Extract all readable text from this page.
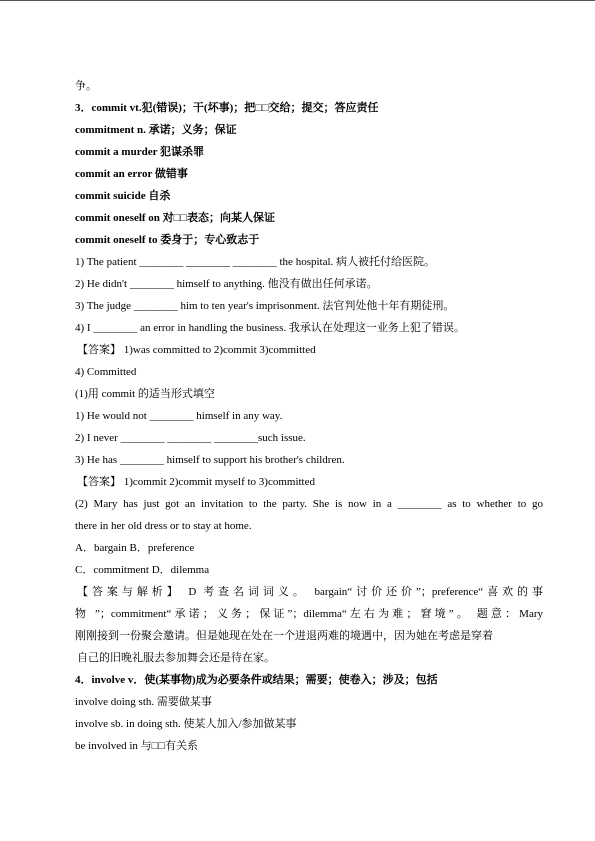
争。
3．commit vt.犯(错误)；干(坏事)；把□□交给；提交；答应责任
commitment n. 承诺；义务；保证
commit a murder 犯谋杀罪
commit an error 做错事
commit suicide 自杀
commit oneself on 对□□表态；向某人保证
commit oneself to 委身于；专心致志于
1) The patient ________ ________ ________ the hospital. 病人被托付给医院。
2) He didn't ________ himself to anything. 他没有做出任何承诺。
3) The judge ________ him to ten year's imprisonment. 法官判处他十年有期徒刑。
4) I ________ an error in handling the business. 我承认在处理这一业务上犯了错误。
【答案】 1)was committed to 2)commit 3)committed
4) Committed
(1)用 commit 的适当形式填空
1) He would not ________ himself in any way.
2) I never ________ ________ ________such issue.
3) He has ________ himself to support his brother's children.
【答案】 1)commit 2)commit myself to 3)committed
(2) Mary has just got an invitation to the party. She is now in a ________ as to whether to go
there in her old dress or to stay at home.
A．bargain B．preference
C．commitment D．dilemma
【答案与解析】 D 考查名词词义。 bargain“讨价还价”；preference“喜欢的事
物 ”；commitment“承诺；义务；保证”；dilemma“左右为难；窘境”。 题意：Mary
刚刚接到一份聚会邀请。但是她现在处在一个进退两难的境遇中，因为她在考虑是穿着
自己的旧晚礼服去参加舞会还是待在家。
4．involve v．使(某事物)成为必要条件或结果；需要；使卷入；涉及；包括
involve doing sth. 需要做某事
involve sb. in doing sth. 使某人加入/参加做某事
be involved in 与□□有关系
